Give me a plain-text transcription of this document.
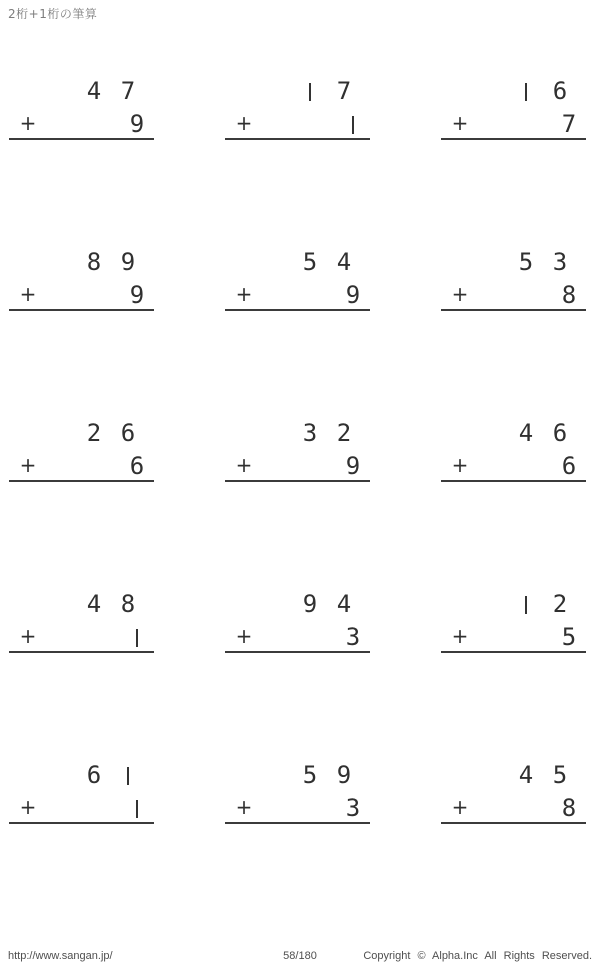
2桁+1桁の筆算
4 7
+	9
7
+
6
+	7
8 9
+	9
5 4
+	9
5 3
+	8
2 6
+	6
3 2
+	9
4 6
+	6
4 8
+
9 4
+	3
2
+	5
6
+
5 9
+	3
4 5
+	8
http://www.sangan.jp/	58/180	Copyright © Alpha.Inc All Rights Reserved.
